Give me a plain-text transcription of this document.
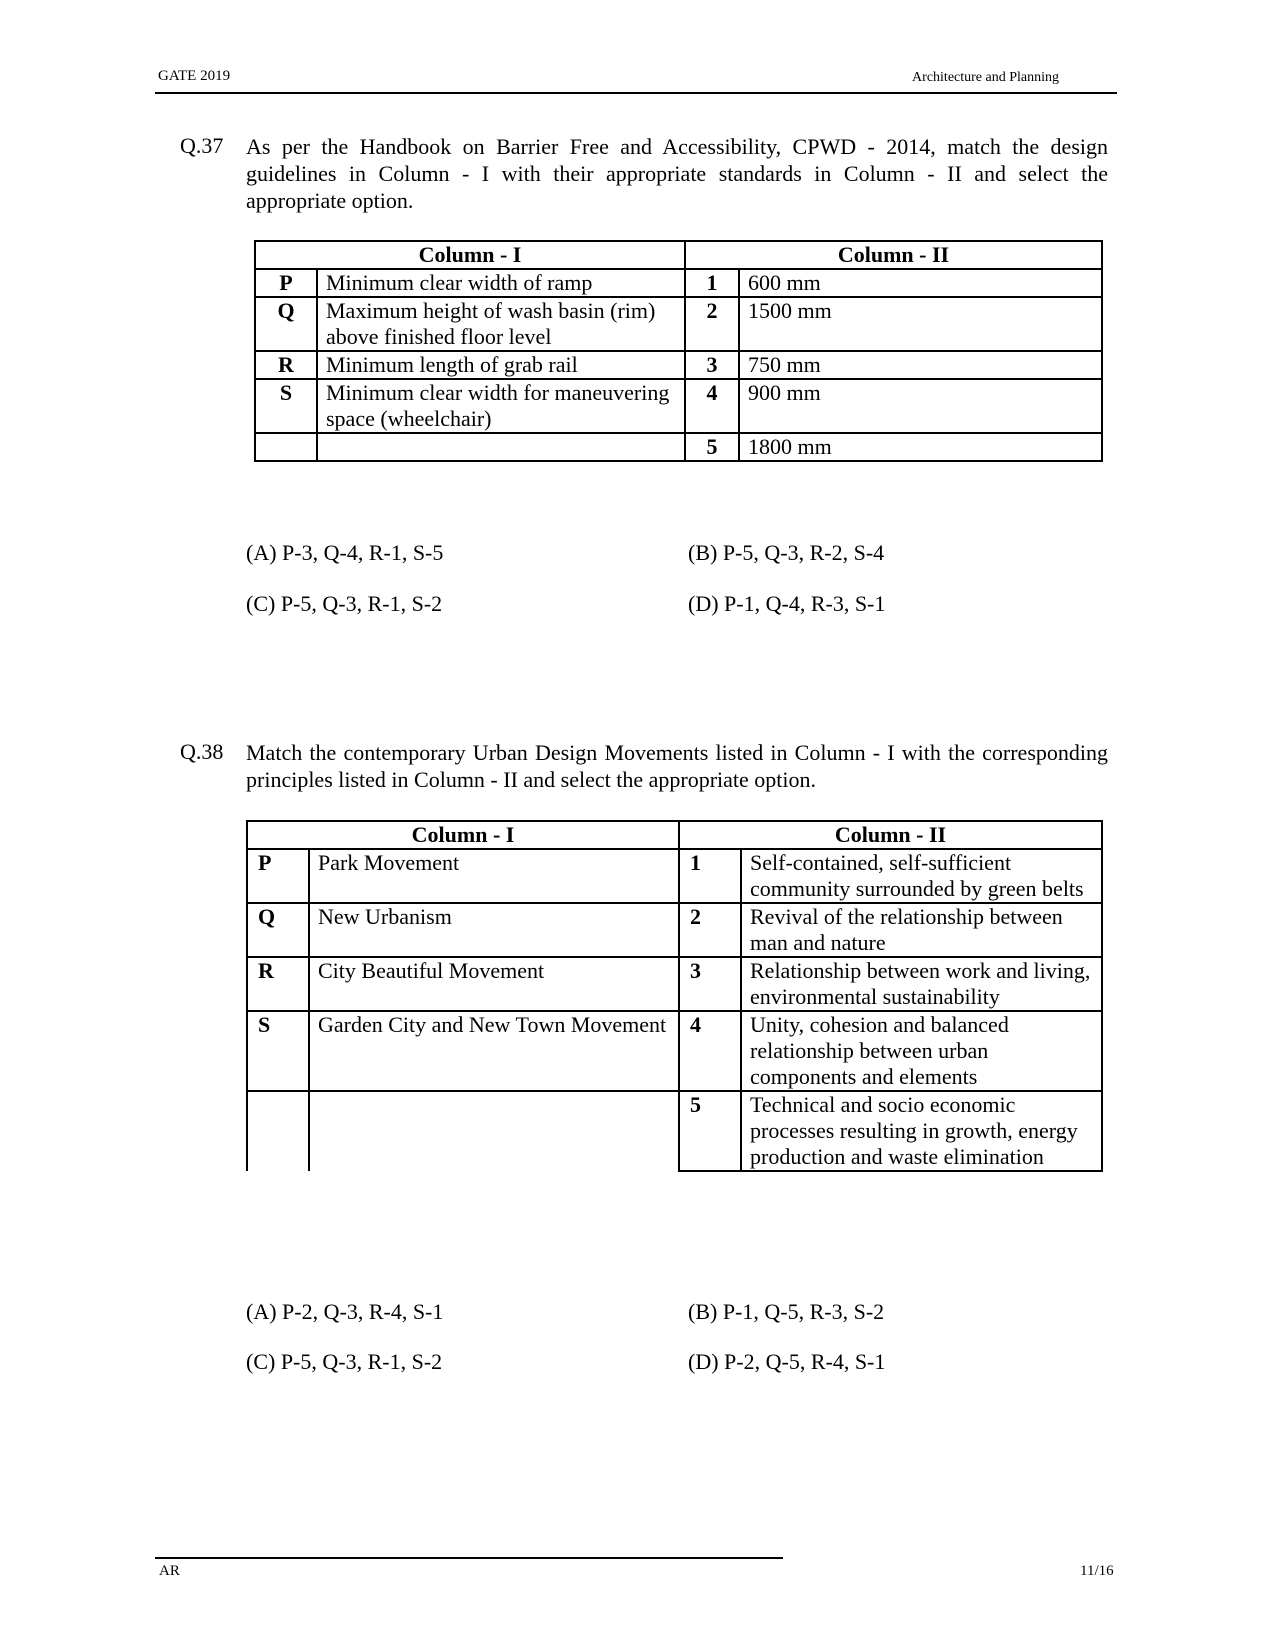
GATE 2019	Architecture and Planning
Q.37 As per the Handbook on Barrier Free and Accessibility, CPWD - 2014, match the design guidelines in Column - I with their appropriate standards in Column - II and select the appropriate option.
Column - I		Column - II	
P	Minimum clear width of ramp	1	600 mm
Q	Maximum height of wash basin (rim) above finished floor level	2	1500 mm
R	Minimum length of grab rail	3	750 mm
S	Minimum clear width for maneuvering space (wheelchair)	4	900 mm
		5	1800 mm
(A) P-3, Q-4, R-1, S-5	(B) P-5, Q-3, R-2, S-4
(C) P-5, Q-3, R-1, S-2	(D) P-1, Q-4, R-3, S-1
Q.38 Match the contemporary Urban Design Movements listed in Column - I with the corresponding principles listed in Column - II and select the appropriate option.
Column - I		Column - II	
P	Park Movement	1	Self-contained, self-sufficient community surrounded by green belts
Q	New Urbanism	2	Revival of the relationship between man and nature
R	City Beautiful Movement	3	Relationship between work and living, environmental sustainability
S	Garden City and New Town Movement	4	Unity, cohesion and balanced relationship between urban components and elements
		5	Technical and socio economic processes resulting in growth, energy production and waste elimination
(A) P-2, Q-3, R-4, S-1	(B) P-1, Q-5, R-3, S-2
(C) P-5, Q-3, R-1, S-2	(D) P-2, Q-5, R-4, S-1
AR	11/16
